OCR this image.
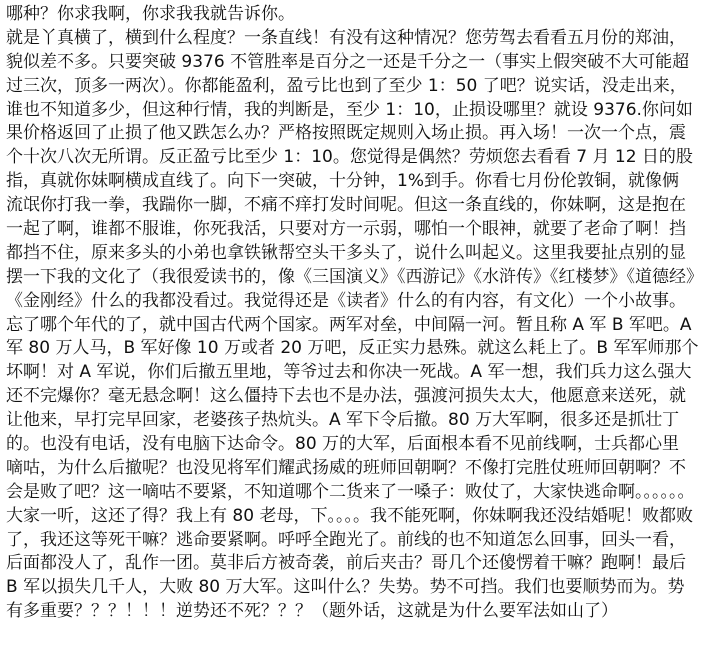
哪种？你求我啊，你求我我就告诉你。
就是丫真横了，横到什么程度？一条直线！有没有这种情况？您劳驾去看看五月份的郑油，
貌似差不多。只要突破 9376 不管胜率是百分之一还是千分之一（事实上假突破不大可能超
过三次，顶多一两次）。你都能盈利，盈亏比也到了至少 1：50 了吧？说实话，没走出来，
谁也不知道多少，但这种行情，我的判断是，至少 1：10，止损设哪里？就设 9376.你问如
果价格返回了止损了他又跌怎么办？严格按照既定规则入场止损。再入场！一次一个点，震
个十次八次无所谓。反正盈亏比至少 1：10。您觉得是偶然？劳烦您去看看 7 月 12 日的股
指，真就你妹啊横成直线了。向下一突破，十分钟，1%到手。你看七月份伦敦铜，就像俩
流氓你打我一拳，我踹你一脚，不痛不痒打发时间呢。但这一条直线的，你妹啊，这是抱在
一起了啊，谁都不服谁，你死我活，只要对方一示弱，哪怕一个眼神，就要了老命了啊！挡
都挡不住，原来多头的小弟也拿铁锹帮空头干多头了，说什么叫起义。这里我要扯点别的显
摆一下我的文化了（我很爱读书的，像《三国演义》《西游记》《水浒传》《红楼梦》《道德经》
《金刚经》什么的我都没看过。我觉得还是《读者》什么的有内容，有文化）一个小故事。
忘了哪个年代的了，就中国古代两个国家。两军对垒，中间隔一河。暂且称 A 军 B 军吧。A
军 80 万人马，B 军好像 10 万或者 20 万吧，反正实力悬殊。就这么耗上了。B 军军师那个
坏啊！对 A 军说，你们后撤五里地，等爷过去和你决一死战。A 军一想，我们兵力这么强大
还不完爆你？毫无悬念啊！这么僵持下去也不是办法，强渡河损失太大，他愿意来送死，就
让他来，早打完早回家，老婆孩子热炕头。A 军下令后撤。80 万大军啊，很多还是抓壮丁
的。也没有电话，没有电脑下达命令。80 万的大军，后面根本看不见前线啊，士兵都心里
嘀咕，为什么后撤呢？也没见将军们耀武扬威的班师回朝啊？不像打完胜仗班师回朝啊？不
会是败了吧？这一嘀咕不要紧，不知道哪个二货来了一嗓子：败仗了，大家快逃命啊。。。。。。
大家一听，这还了得？我上有 80 老母，下。。。。我不能死啊，你妹啊我还没结婚呢！败都败
了，我还这等死干嘛？逃命要紧啊。呼呼全跑光了。前线的也不知道怎么回事，回头一看，
后面都没人了，乱作一团。莫非后方被奇袭，前后夹击？哥几个还傻愣着干嘛？跑啊！最后
B 军以损失几千人，大败 80 万大军。这叫什么？失势。势不可挡。我们也要顺势而为。势
有多重要？？？！！！逆势还不死？？？（题外话，这就是为什么要军法如山了）
